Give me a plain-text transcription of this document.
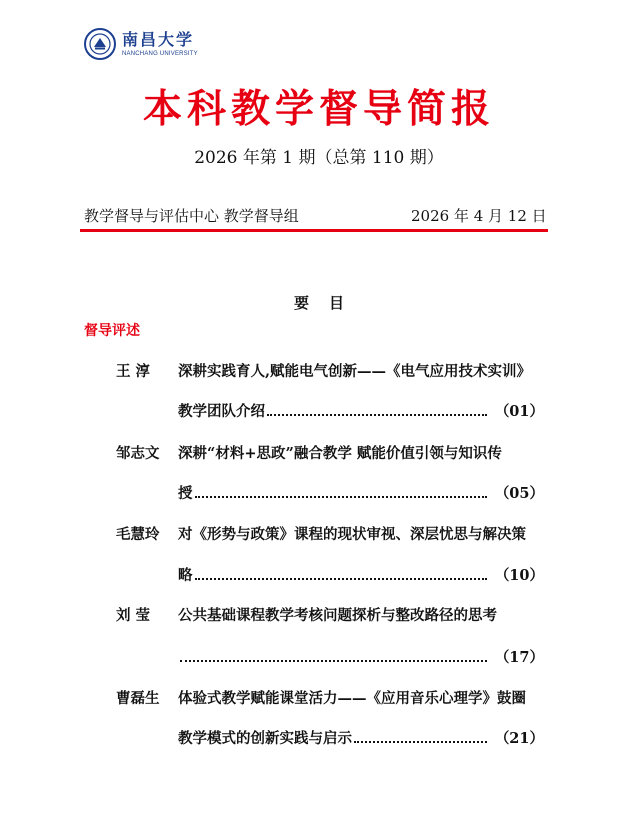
南昌大学
NANCHANG UNIVERSITY
本科教学督导简报
2026 年第 1 期（总第 110 期）
教学督导与评估中心 教学督导组	2026 年 4 月 12 日
要目
督导评述
王 淳 深耕实践育人,赋能电气创新——《电气应用技术实训》
教学团队介绍	（01）
邹志文 深耕“材料+思政”融合教学 赋能价值引领与知识传
授	（05）
毛慧玲 对《形势与政策》课程的现状审视、深层忧思与解决策
略	（10）
刘 莹 公共基础课程教学考核问题探析与整改路径的思考
（17）
曹磊生 体验式教学赋能课堂活力——《应用音乐心理学》鼓圈
教学模式的创新实践与启示	（21）
